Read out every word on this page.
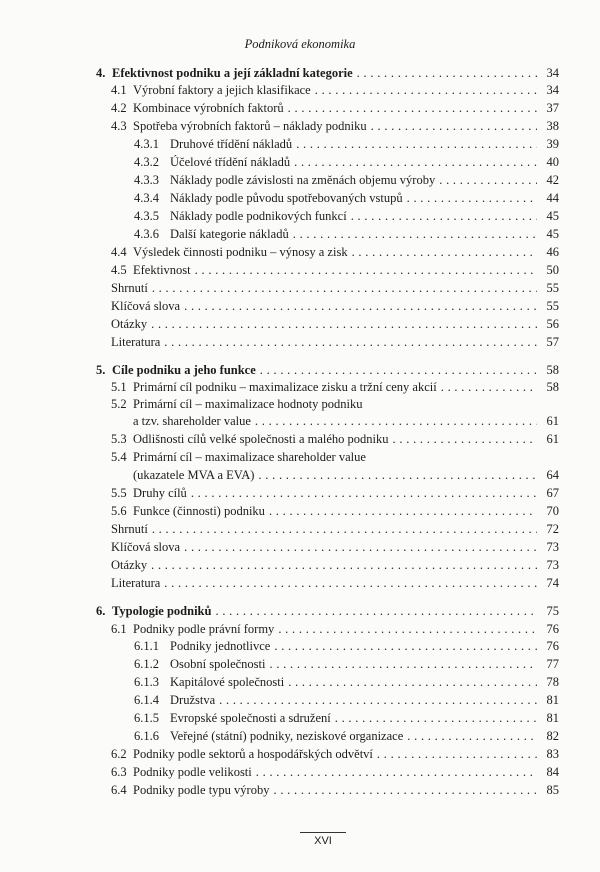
Podniková ekonomika
4. Efektivnost podniku a její základní kategorie . . .	34
4.1 Výrobní faktory a jejich klasifikace . . .	34
4.2 Kombinace výrobních faktorů . . .	37
4.3 Spotřeba výrobních faktorů – náklady podniku . . .	38
4.3.1 Druhové třídění nákladů . . .	39
4.3.2 Účelové třídění nákladů . . .	40
4.3.3 Náklady podle závislosti na změnách objemu výroby . . .	42
4.3.4 Náklady podle původu spotřebovaných vstupů . . .	44
4.3.5 Náklady podle podnikových funkcí . . .	45
4.3.6 Další kategorie nákladů . . .	45
4.4 Výsledek činnosti podniku – výnosy a zisk . . .	46
4.5 Efektivnost . . .	50
Shrnutí . . .	55
Klíčová slova . . .	55
Otázky . . .	56
Literatura . . .	57
5. Cíle podniku a jeho funkce . . .	58
5.1 Primární cíl podniku – maximalizace zisku a tržní ceny akcií . . .	58
5.2 Primární cíl – maximalizace hodnoty podniku
a tzv. shareholder value . . .	61
5.3 Odlišnosti cílů velké společnosti a malého podniku . . .	61
5.4 Primární cíl – maximalizace shareholder value
(ukazatele MVA a EVA) . . .	64
5.5 Druhy cílů . . .	67
5.6 Funkce (činnosti) podniku . . .	70
Shrnutí . . .	72
Klíčová slova . . .	73
Otázky . . .	73
Literatura . . .	74
6. Typologie podniků . . .	75
6.1 Podniky podle právní formy . . .	76
6.1.1 Podniky jednotlivce . . .	76
6.1.2 Osobní společnosti . . .	77
6.1.3 Kapitálové společnosti . . .	78
6.1.4 Družstva . . .	81
6.1.5 Evropské společnosti a sdružení . . .	81
6.1.6 Veřejné (státní) podniky, neziskové organizace . . .	82
6.2 Podniky podle sektorů a hospodářských odvětví . . .	83
6.3 Podniky podle velikosti . . .	84
6.4 Podniky podle typu výroby . . .	85
XVI
